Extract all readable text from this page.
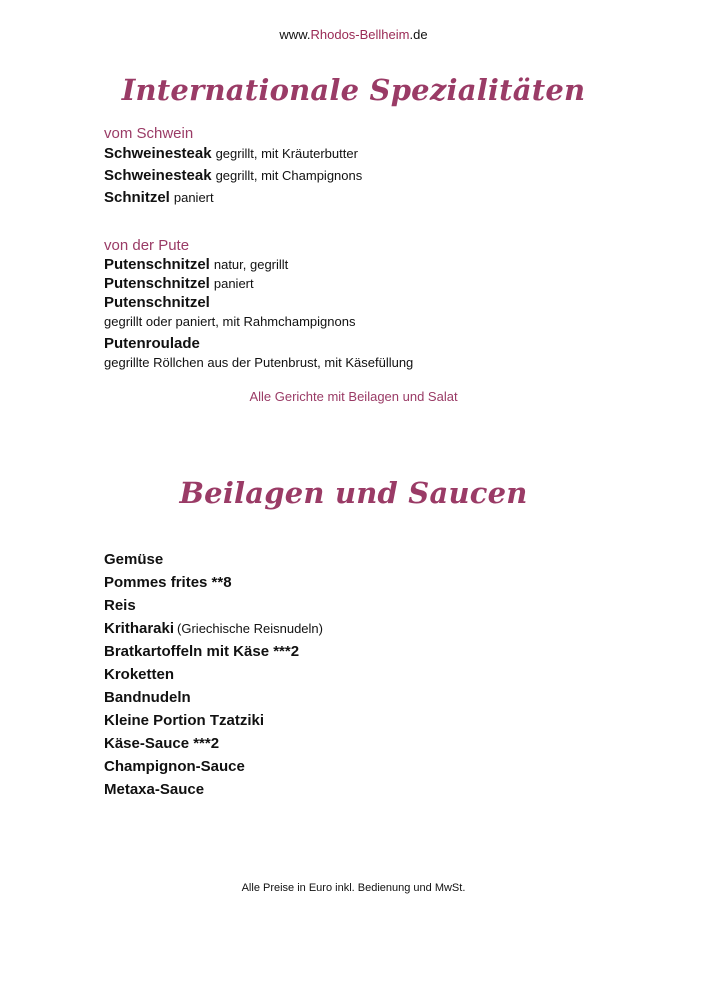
www.Rhodos-Bellheim.de
Internationale Spezialitäten
vom Schwein
Schweinesteak gegrillt, mit Kräuterbutter
Schweinesteak gegrillt, mit Champignons
Schnitzel paniert
von der Pute
Putenschnitzel natur, gegrillt
Putenschnitzel paniert
Putenschnitzel
gegrillt oder paniert, mit Rahmchampignons
Putenroulade
gegrillte Röllchen aus der Putenbrust, mit Käsefüllung
Alle Gerichte mit Beilagen und Salat
Beilagen und Saucen
Gemüse
Pommes frites **8
Reis
Kritharaki (Griechische Reisnudeln)
Bratkartoffeln mit Käse ***2
Kroketten
Bandnudeln
Kleine Portion Tzatziki
Käse-Sauce ***2
Champignon-Sauce
Metaxa-Sauce
Alle Preise in Euro inkl. Bedienung und MwSt.
